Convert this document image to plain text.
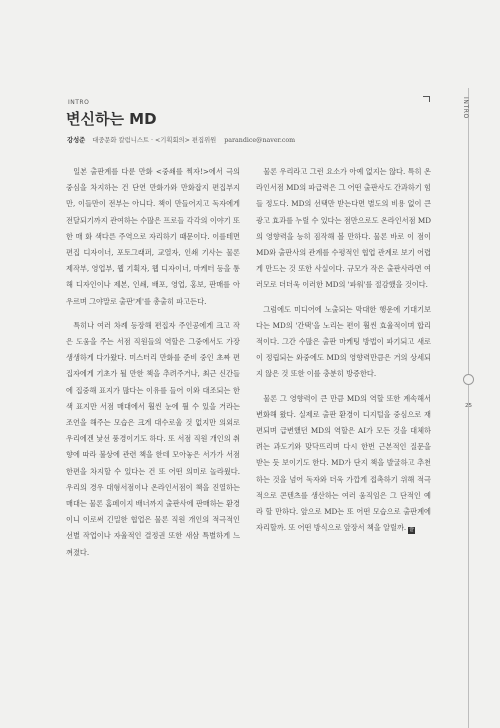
INTRO
변신하는 MD
강성준 대중문화 칼럼니스트 · <기획회의> 편집위원 parandice@naver.com

일본 출판계를 다룬 만화 <중쇄를 찍자!>에서 극의 중심을 차지하는 건 단연 만화가와 만화잡지 편집부지만, 이들만이 전부는 아니다. 책이 만들어지고 독자에게 전달되기까지 관여하는 수많은 프로들 각각의 이야기 또한 매 화 색다른 주역으로 자리하기 때문이다. 이를테면 편집 디자이너, 포토그래퍼, 교열자, 인쇄 기사는 물론 제작부, 영업부, 웹 기획자, 웹 디자이너, 마케터 등을 통해 디자인이나 제본, 인쇄, 배포, 영업, 홍보, 판매를 아우르며 그야말로 출판'계'를 총출히 파고든다.

특히나 여러 차례 등장해 편집자 주인공에게 크고 작은 도움을 주는 서점 직원들의 역할은 그중에서도 가장 생생하게 다가왔다. 미스터리 만화를 준비 중인 초짜 편집자에게 기초가 될 만한 책을 추려주거나, 최근 신간들에 집중해 표지가 많다는 이유를 들어 이와 대조되는 한색 표지만 서점 매대에서 훨씬 눈에 띌 수 있을 거라는 조언을 해주는 모습은 크게 대수로울 것 없지만 의외로 우리에겐 낯선 풍경이기도 하다. 또 서점 직원 개인의 취향에 따라 불상에 관련 책을 한데 모아놓은 서가가 서점 한편을 차지할 수 있다는 건 또 어떤 의미로 놀라웠다. 우리의 경우 대형서점이나 온라인서점이 책을 진열하는 매대는 물론 홈페이지 배너까지 출판사에 판매하는 환경이니 이로써 긴밀한 협업은 물론 직원 개인의 적극적인 선별 작업이나 자율적인 결정권 또한 새삼 특별하게 느껴졌다.

물론 우리라고 그런 요소가 아예 없지는 않다. 특히 온라인서점 MD의 파급력은 그 어떤 출판사도 간과하기 힘들 정도다. MD의 선택만 받는다면 별도의 비용 없이 큰 광고 효과를 누릴 수 있다는 점만으로도 온라인서점 MD의 영향력을 능히 짐작해 볼 만하다. 물론 바로 이 점이 MD와 출판사의 관계를 수평적인 협업 관계로 보기 어렵게 만드는 것 또한 사실이다. 규모가 작은 출판사라면 여러모로 더더욱 이러한 MD의 '파워'를 절감했을 것이다.

그럼에도 미디어에 노출되는 막대한 행운에 기대기보다는 MD의 '간택'을 노리는 편이 훨씬 효율적이며 합리적이다. 그간 수많은 출판 마케팅 방법이 파기되고 새로이 정립되는 와중에도 MD의 영향력만큼은 거의 상세되지 않은 것 또한 이를 충분히 방증한다.

물론 그 영향력이 큰 만큼 MD의 역할 또한 계속해서 변화해 왔다. 실제로 출판 환경이 디지털을 중심으로 재편되며 급변했던 MD의 역할은 AI가 모든 것을 대체하려는 과도기와 맞닥뜨리며 다시 한번 근본적인 질문을 받는 듯 보이기도 한다. MD가 단지 책을 발굴하고 추천하는 것을 넘어 독자와 더욱 가깝게 접촉하기 위해 적극적으로 콘텐츠를 생산하는 여러 움직임은 그 단적인 예라 할 만하다. 앞으로 MD는 또 어떤 모습으로 출판계에 자리할까. 또 어떤 방식으로 앞장서 책을 알릴까. 끝

INTRO
25
